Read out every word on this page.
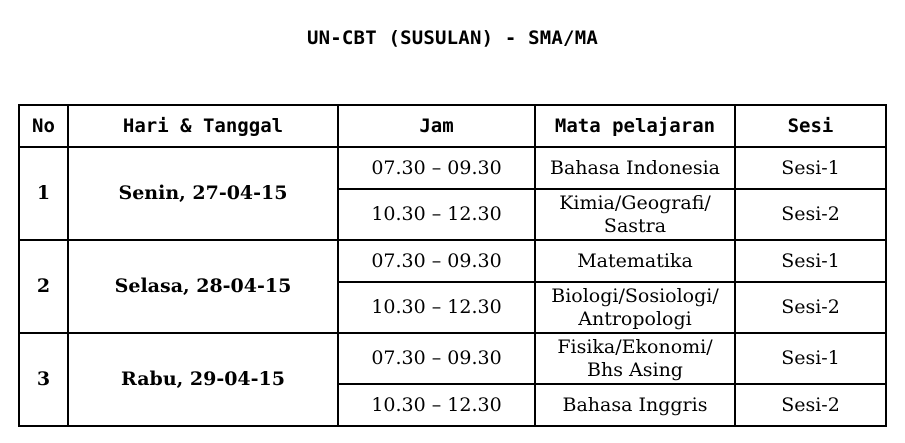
UN-CBT (SUSULAN) - SMA/MA
No	Hari & Tanggal	Jam	Mata pelajaran	Sesi
1	Senin, 27-04-15	07.30 – 09.30	Bahasa Indonesia	Sesi-1
		10.30 – 12.30	Kimia/Geografi/
Sastra	Sesi-2
2	Selasa, 28-04-15	07.30 – 09.30	Matematika	Sesi-1
		10.30 – 12.30	Biologi/Sosiologi/
Antropologi	Sesi-2
3	Rabu, 29-04-15	07.30 – 09.30	Fisika/Ekonomi/
Bhs Asing	Sesi-1
		10.30 – 12.30	Bahasa Inggris	Sesi-2
